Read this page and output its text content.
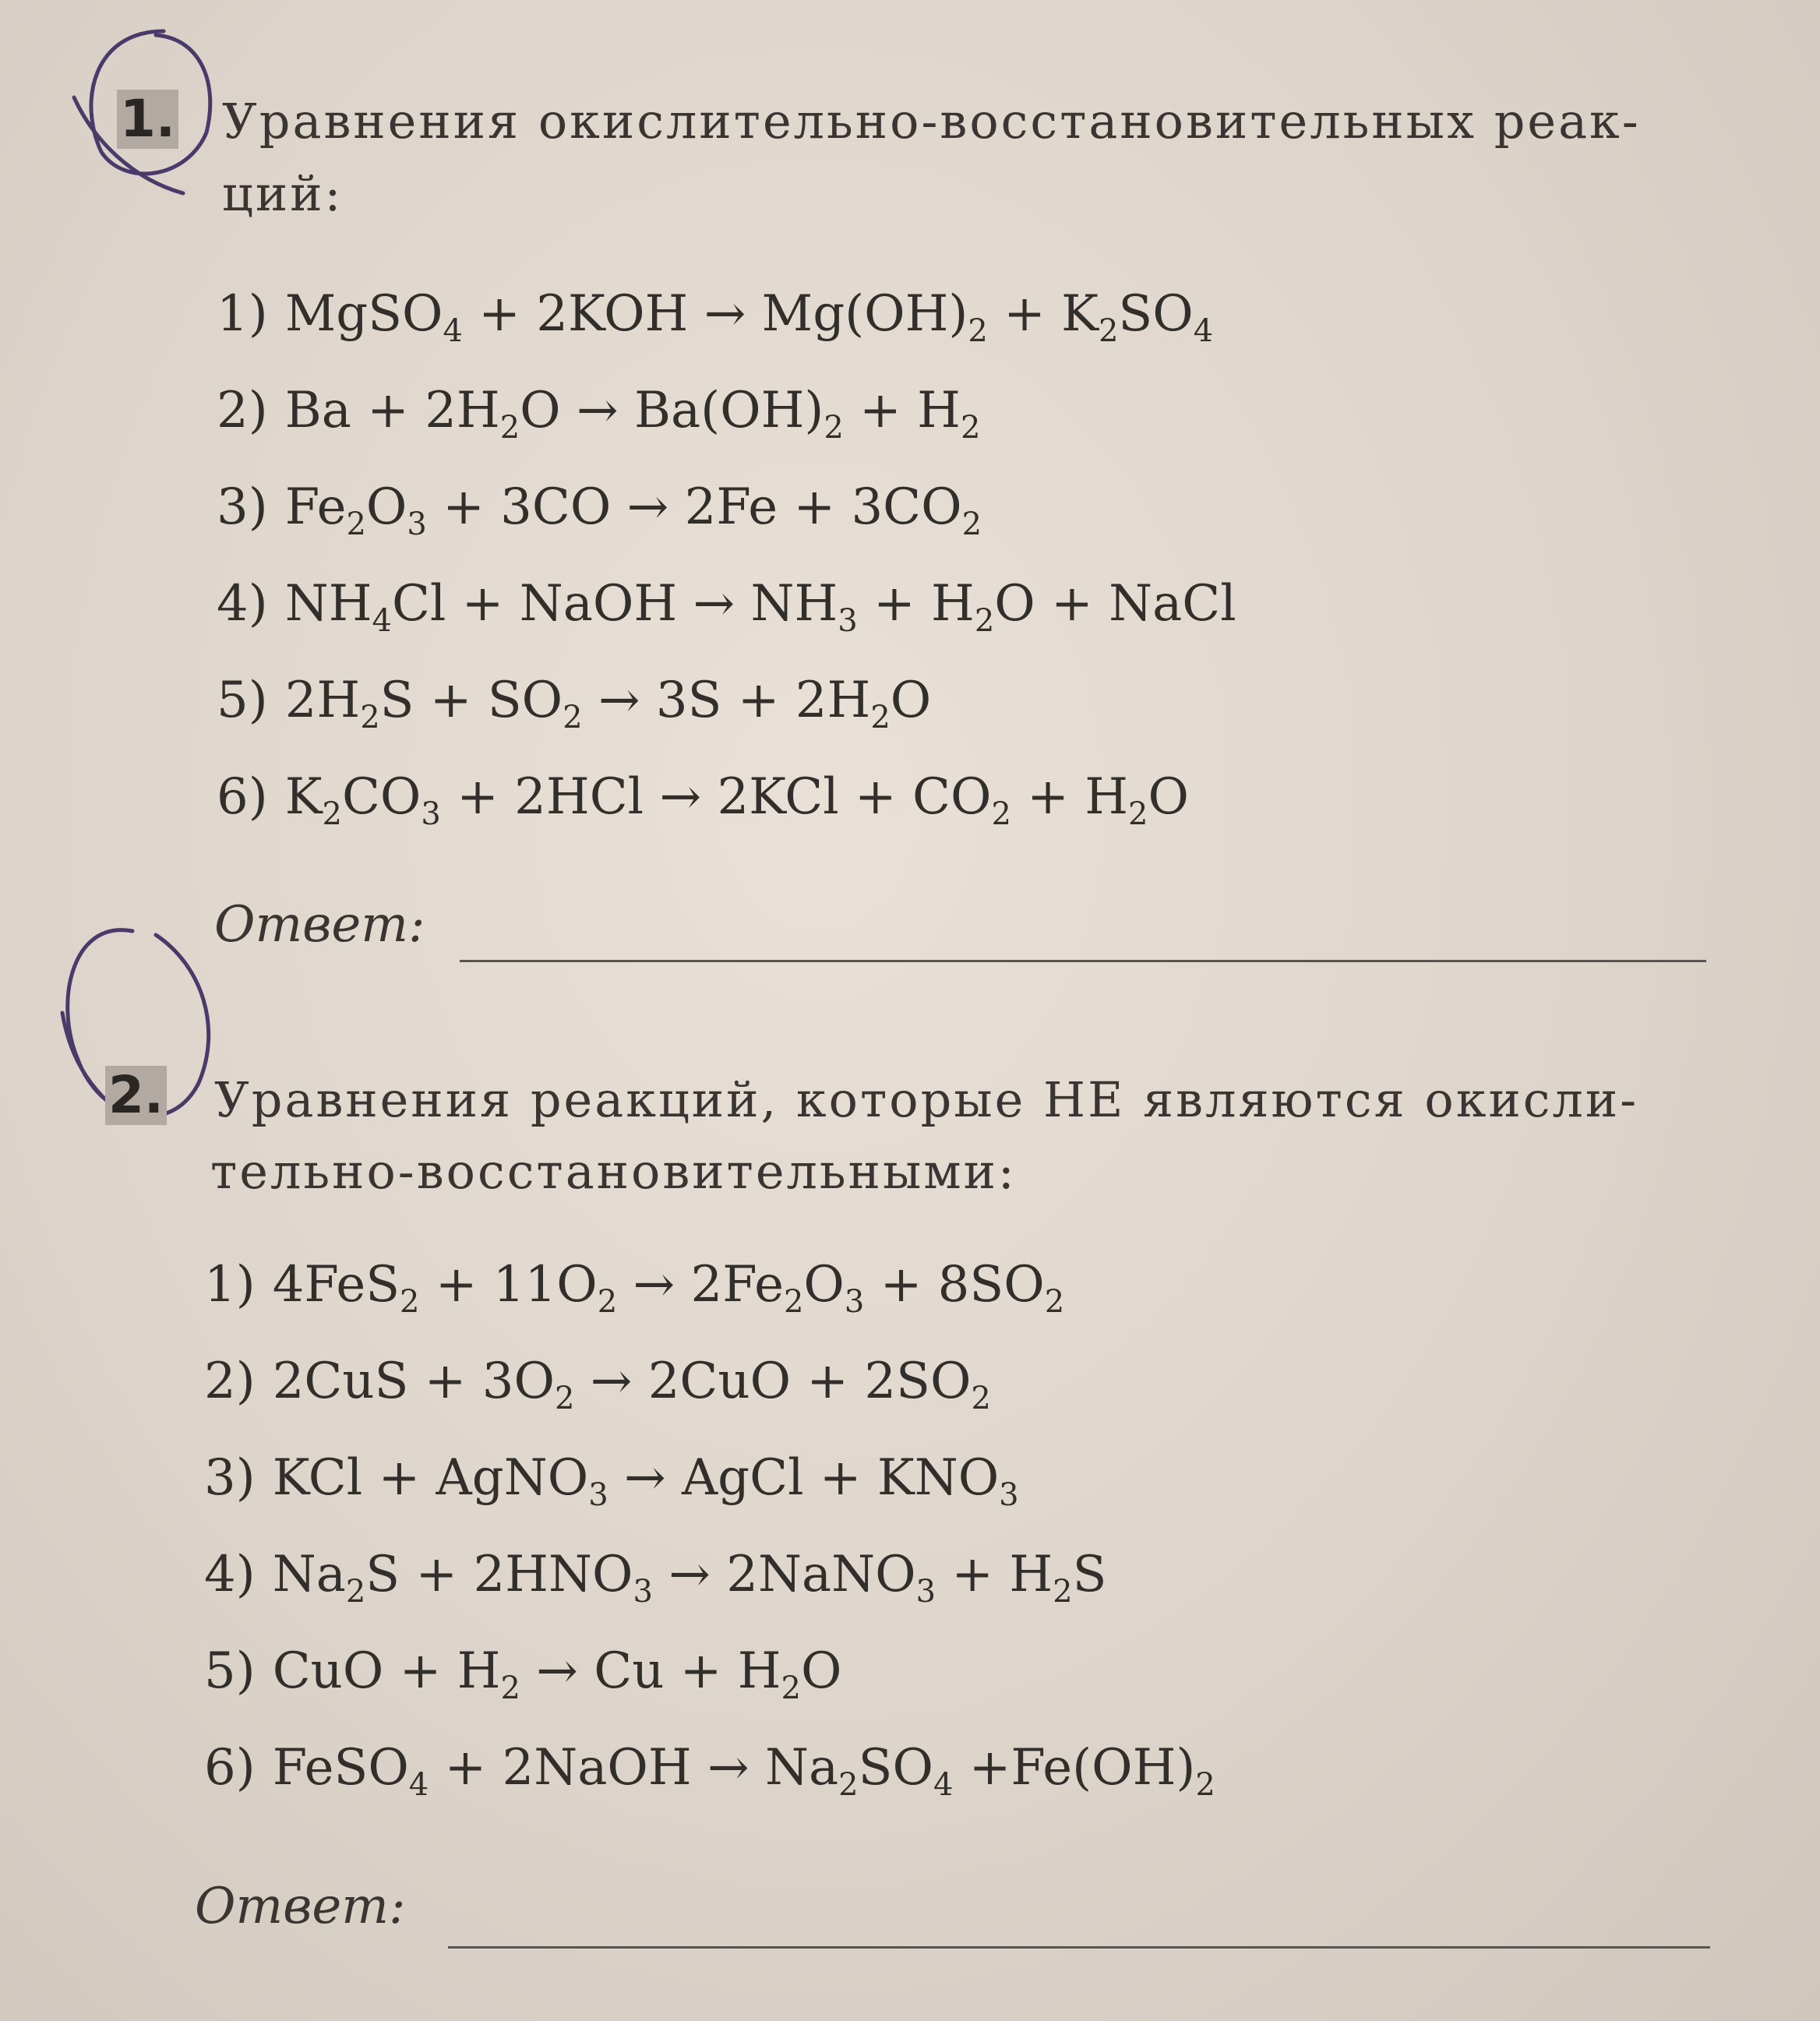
1. Уравнения окислительно-восстановительных реак-
ций:
1) MgSO$_4$ + $2KOH \to Mg(OH)_2 + K_2SO_4$
2) $Ba + 2H_2O \to Ba(OH)_2 + H_2$
3) $Fe_2O_3 + 3CO \to 2Fe + 3CO_2$
4) $NH_4Cl$ + NaOH → $NH_3 + H_2O$ + NaCl
5) $2H_2S + SO_2 \to 3S + 2H_2O$
6) $K_2CO_3 + 2HCl \to 2KCl + CO_2 + H_2O$
Ответ:
2. Уравнения реакций, которые НЕ являются окисли-
тельно-восстановительными:
1) $4FeS_2 + 11O_2 \to 2Fe_2O_3 + 8SO_2$
2) $2CuS + 3O_2 \to 2CuO + 2SO_2$
3) KCl + AgNO$_3$ → AgCl + $KNO_3$
4) $Na_2S + 2HNO_3$ → 2NaNO$_3$ + $H_2S$
5) CuO + $H_2 \to Cu + H_2O$
6) FeSO$_4$ + 2NaOH → $Na_2SO_4 +Fe(OH)_2$
Ответ:
